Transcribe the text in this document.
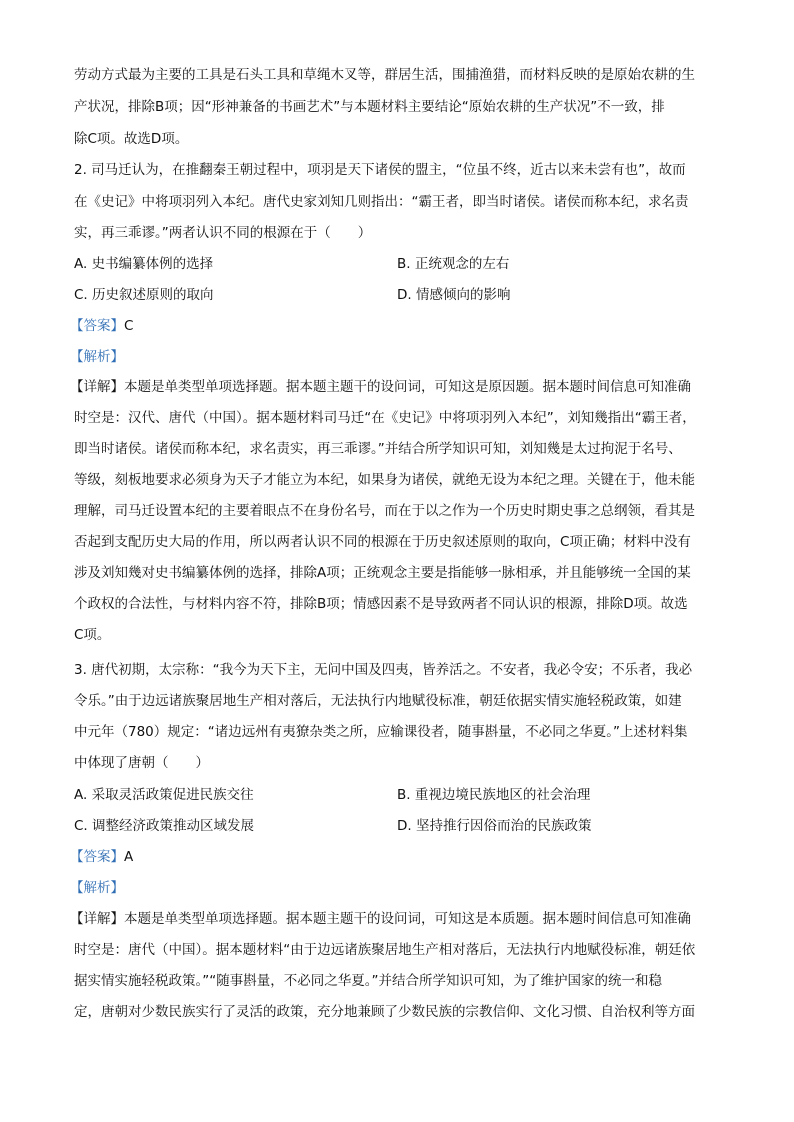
劳动方式最为主要的工具是石头工具和草绳木叉等，群居生活，围捕渔猎，而材料反映的是原始农耕的生
产状况，排除B项；因“形神兼备的书画艺术”与本题材料主要结论“原始农耕的生产状况”不一致，排
除C项。故选D项。
2. 司马迁认为，在推翻秦王朝过程中，项羽是天下诸侯的盟主，“位虽不终，近古以来未尝有也”，故而
在《史记》中将项羽列入本纪。唐代史家刘知几则指出：“霸王者，即当时诸侯。诸侯而称本纪，求名责
实，再三乖谬。”两者认识不同的根源在于（　　）
A. 史书编纂体例的选择	B. 正统观念的左右
C. 历史叙述原则的取向	D. 情感倾向的影响
【答案】C
【解析】
【详解】本题是单类型单项选择题。据本题主题干的设问词，可知这是原因题。据本题时间信息可知准确
时空是：汉代、唐代（中国）。据本题材料司马迁“在《史记》中将项羽列入本纪”，刘知幾指出“霸王者，
即当时诸侯。诸侯而称本纪，求名责实，再三乖谬。”并结合所学知识可知，刘知幾是太过拘泥于名号、
等级，刻板地要求必须身为天子才能立为本纪，如果身为诸侯，就绝无设为本纪之理。关键在于，他未能
理解，司马迁设置本纪的主要着眼点不在身份名号，而在于以之作为一个历史时期史事之总纲领，看其是
否起到支配历史大局的作用，所以两者认识不同的根源在于历史叙述原则的取向，C项正确；材料中没有
涉及刘知幾对史书编纂体例的选择，排除A项；正统观念主要是指能够一脉相承，并且能够统一全国的某
个政权的合法性，与材料内容不符，排除B项；情感因素不是导致两者不同认识的根源，排除D项。故选
C项。
3. 唐代初期，太宗称：“我今为天下主，无问中国及四夷，皆养活之。不安者，我必令安；不乐者，我必
令乐。”由于边远诸族聚居地生产相对落后，无法执行内地赋役标准，朝廷依据实情实施轻税政策，如建
中元年（780）规定：“诸边远州有夷獠杂类之所，应输课役者，随事斟量，不必同之华夏。”上述材料集
中体现了唐朝（　　）
A. 采取灵活政策促进民族交往	B. 重视边境民族地区的社会治理
C. 调整经济政策推动区域发展	D. 坚持推行因俗而治的民族政策
【答案】A
【解析】
【详解】本题是单类型单项选择题。据本题主题干的设问词，可知这是本质题。据本题时间信息可知准确
时空是：唐代（中国）。据本题材料“由于边远诸族聚居地生产相对落后，无法执行内地赋役标准，朝廷依
据实情实施轻税政策。”“随事斟量，不必同之华夏。”并结合所学知识可知，为了维护国家的统一和稳
定，唐朝对少数民族实行了灵活的政策，充分地兼顾了少数民族的宗教信仰、文化习惯、自治权利等方面
